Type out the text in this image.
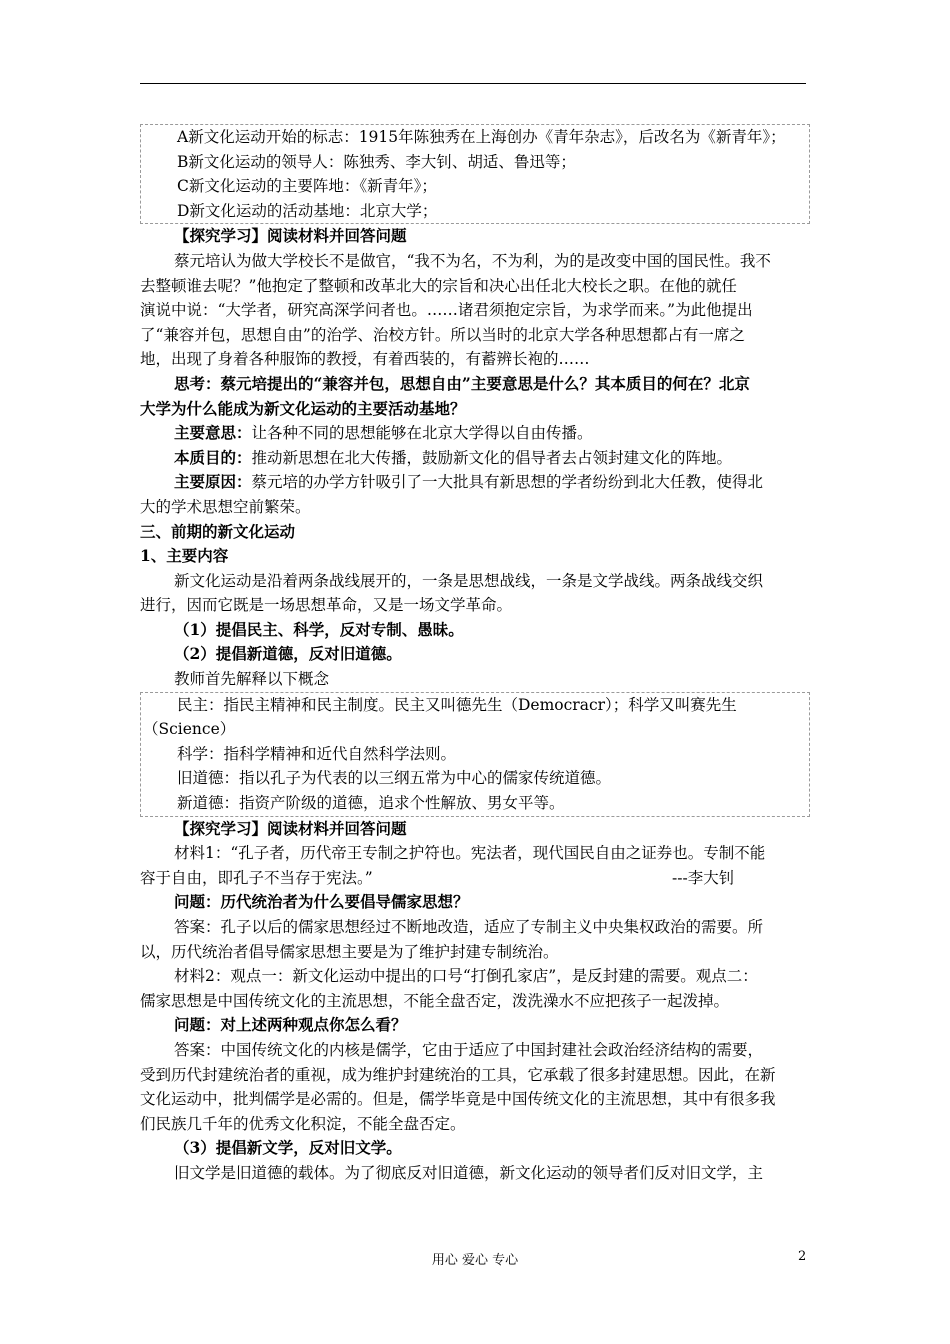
A新文化运动开始的标志：1915年陈独秀在上海创办《青年杂志》，后改名为《新青年》；
B新文化运动的领导人：陈独秀、李大钊、胡适、鲁迅等；
C新文化运动的主要阵地：《新青年》；
D新文化运动的活动基地：北京大学；
【探究学习】阅读材料并回答问题
蔡元培认为做大学校长不是做官，“我不为名，不为利，为的是改变中国的国民性。我不
去整顿谁去呢？”他抱定了整顿和改革北大的宗旨和决心出任北大校长之职。在他的就任
演说中说：“大学者，研究高深学问者也。……诸君须抱定宗旨，为求学而来。”为此他提出
了“兼容并包，思想自由”的治学、治校方针。所以当时的北京大学各种思想都占有一席之
地，出现了身着各种服饰的教授，有着西装的，有蓄辨长袍的……
思考：蔡元培提出的“兼容并包，思想自由”主要意思是什么？其本质目的何在？北京
大学为什么能成为新文化运动的主要活动基地？
主要意思：让各种不同的思想能够在北京大学得以自由传播。
本质目的：推动新思想在北大传播，鼓励新文化的倡导者去占领封建文化的阵地。
主要原因：蔡元培的办学方针吸引了一大批具有新思想的学者纷纷到北大任教，使得北
大的学术思想空前繁荣。
三、前期的新文化运动
1、主要内容
新文化运动是沿着两条战线展开的，一条是思想战线，一条是文学战线。两条战线交织
进行，因而它既是一场思想革命，又是一场文学革命。
（1）提倡民主、科学，反对专制、愚昧。
（2）提倡新道德，反对旧道德。
教师首先解释以下概念
民主：指民主精神和民主制度。民主又叫德先生（Democracr）；科学又叫赛先生
（Science）
科学：指科学精神和近代自然科学法则。
旧道德：指以孔子为代表的以三纲五常为中心的儒家传统道德。
新道德：指资产阶级的道德，追求个性解放、男女平等。
【探究学习】阅读材料并回答问题
材料1：“孔子者，历代帝王专制之护符也。宪法者，现代国民自由之证券也。专制不能
容于自由，即孔子不当存于宪法。”	---李大钊
问题：历代统治者为什么要倡导儒家思想？
答案：孔子以后的儒家思想经过不断地改造，适应了专制主义中央集权政治的需要。所
以，历代统治者倡导儒家思想主要是为了维护封建专制统治。
材料2：观点一：新文化运动中提出的口号“打倒孔家店”，是反封建的需要。观点二：
儒家思想是中国传统文化的主流思想，不能全盘否定，泼洗澡水不应把孩子一起泼掉。
问题：对上述两种观点你怎么看？
答案：中国传统文化的内核是儒学，它由于适应了中国封建社会政治经济结构的需要，
受到历代封建统治者的重视，成为维护封建统治的工具，它承载了很多封建思想。因此，在新
文化运动中，批判儒学是必需的。但是，儒学毕竟是中国传统文化的主流思想，其中有很多我
们民族几千年的优秀文化积淀，不能全盘否定。
（3）提倡新文学，反对旧文学。
旧文学是旧道德的载体。为了彻底反对旧道德，新文化运动的领导者们反对旧文学，主
用心 爱心 专心	2
